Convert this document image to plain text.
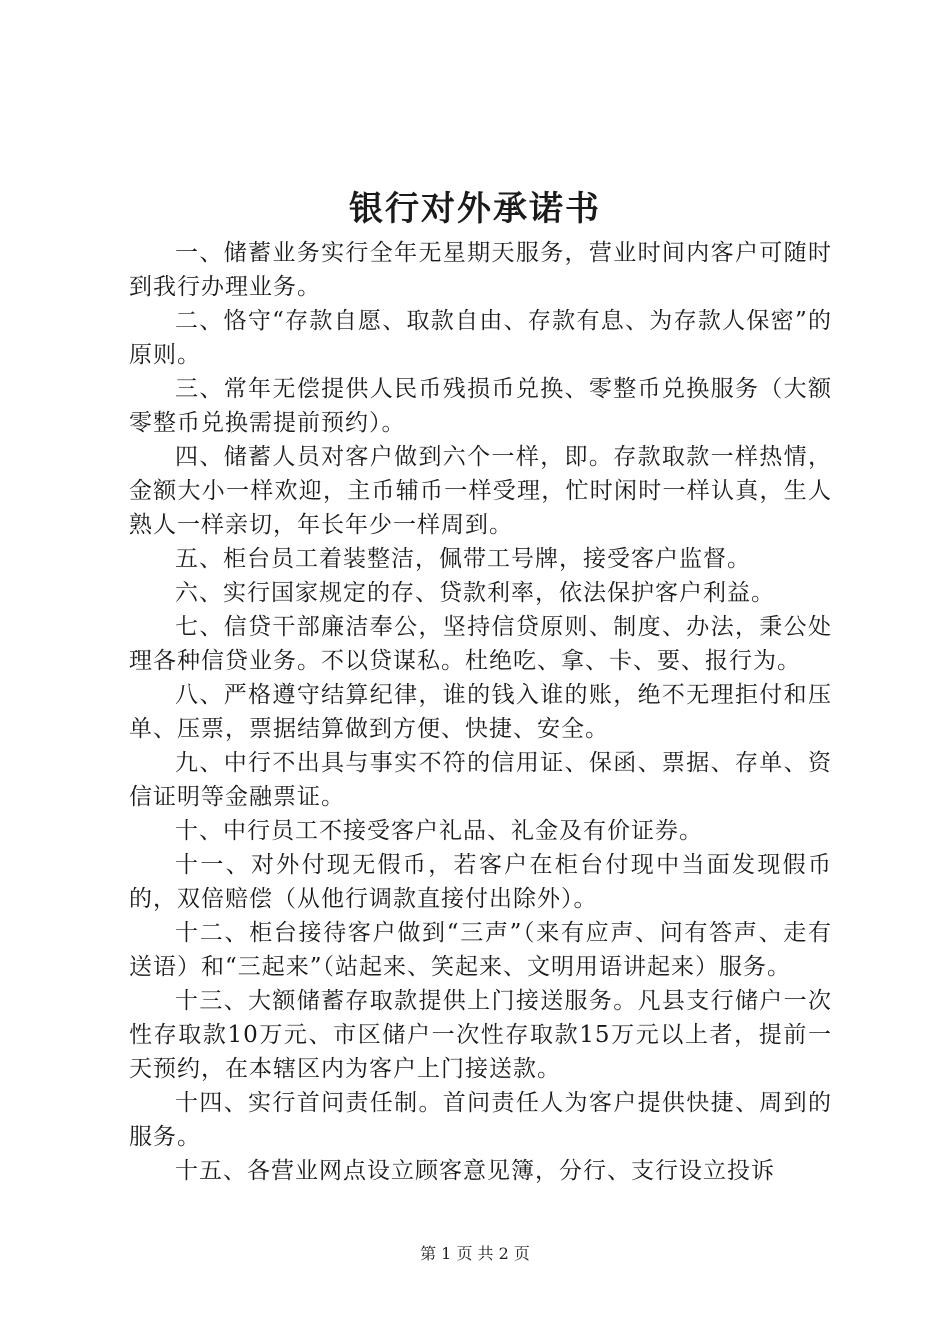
银行对外承诺书

一、储蓄业务实行全年无星期天服务，营业时间内客户可随时到我行办理业务。

二、恪守“存款自愿、取款自由、存款有息、为存款人保密”的原则。

三、常年无偿提供人民币残损币兑换、零整币兑换服务（大额零整币兑换需提前预约）。

四、储蓄人员对客户做到六个一样，即。存款取款一样热情，金额大小一样欢迎，主币辅币一样受理，忙时闲时一样认真，生人熟人一样亲切，年长年少一样周到。

五、柜台员工着装整洁，佩带工号牌，接受客户监督。

六、实行国家规定的存、贷款利率，依法保护客户利益。

七、信贷干部廉洁奉公，坚持信贷原则、制度、办法，秉公处理各种信贷业务。不以贷谋私。杜绝吃、拿、卡、要、报行为。

八、严格遵守结算纪律，谁的钱入谁的账，绝不无理拒付和压单、压票，票据结算做到方便、快捷、安全。

九、中行不出具与事实不符的信用证、保函、票据、存单、资信证明等金融票证。

十、中行员工不接受客户礼品、礼金及有价证券。

十一、对外付现无假币，若客户在柜台付现中当面发现假币的，双倍赔偿（从他行调款直接付出除外）。

十二、柜台接待客户做到“三声”（来有应声、问有答声、走有送语）和“三起来”（站起来、笑起来、文明用语讲起来）服务。

十三、大额储蓄存取款提供上门接送服务。凡县支行储户一次性存取款10万元、市区储户一次性存取款15万元以上者，提前一天预约，在本辖区内为客户上门接送款。

十四、实行首问责任制。首问责任人为客户提供快捷、周到的服务。

十五、各营业网点设立顾客意见簿，分行、支行设立投诉

第 1 页 共 2 页
